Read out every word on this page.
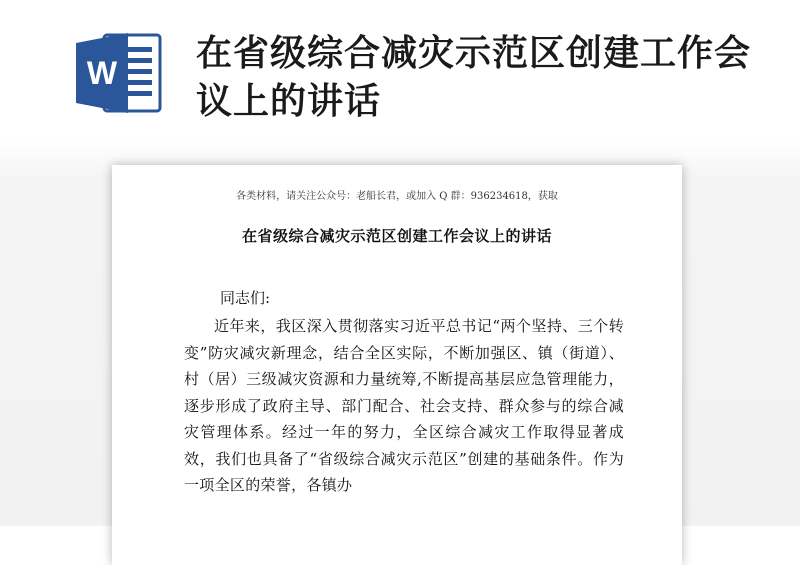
W 在省级综合减灾示范区创建工作会议上的讲话

各类材料，请关注公众号：老船长君，或加入 Q 群：936234618，获取

在省级综合减灾示范区创建工作会议上的讲话

同志们:

近年来，我区深入贯彻落实习近平总书记“两个坚持、三个转变”防灾减灾新理念，结合全区实际，不断加强区、镇（街道）、村（居）三级减灾资源和力量统筹,不断提高基层应急管理能力，逐步形成了政府主导、部门配合、社会支持、群众参与的综合减灾管理体系。经过一年的努力，全区综合减灾工作取得显著成效，我们也具备了“省级综合减灾示范区”创建的基础条件。作为一项全区的荣誉，各镇办
